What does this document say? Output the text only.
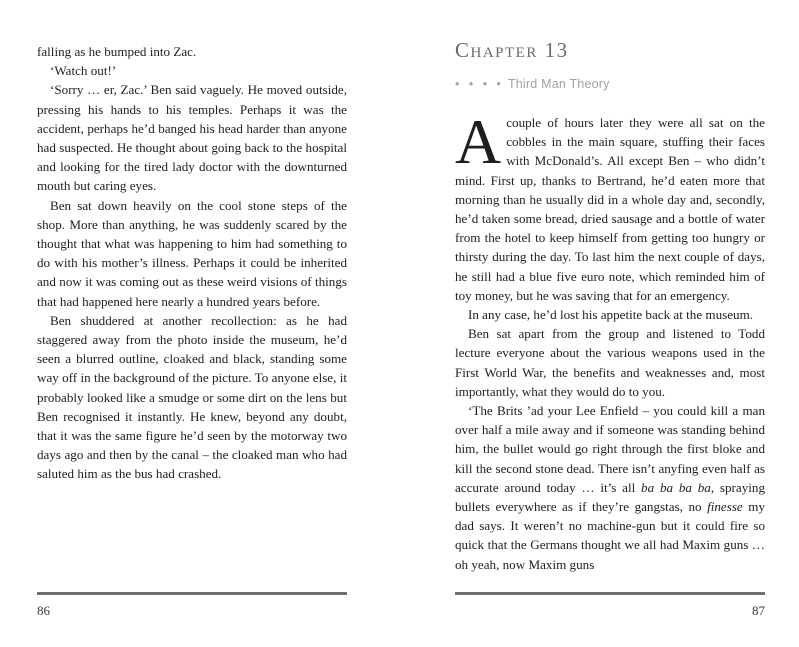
falling as he bumped into Zac.

‘Watch out!’

‘Sorry … er, Zac.’ Ben said vaguely. He moved outside, pressing his hands to his temples. Perhaps it was the accident, perhaps he’d banged his head harder than anyone had suspected. He thought about going back to the hospital and looking for the tired lady doctor with the downturned mouth but caring eyes.

Ben sat down heavily on the cool stone steps of the shop. More than anything, he was suddenly scared by the thought that what was happening to him had something to do with his mother’s illness. Perhaps it could be inherited and now it was coming out as these weird visions of things that had happened here nearly a hundred years before.

Ben shuddered at another recollection: as he had staggered away from the photo inside the museum, he’d seen a blurred outline, cloaked and black, standing some way off in the background of the picture. To anyone else, it probably looked like a smudge or some dirt on the lens but Ben recognised it instantly. He knew, beyond any doubt, that it was the same figure he’d seen by the motorway two days ago and then by the canal – the cloaked man who had saluted him as the bus had crashed.

86
Chapter 13
• • • • Third Man Theory

Acouple of hours later they were all sat on the cobbles in the main square, stuffing their faces with McDonald’s. All except Ben – who didn’t mind. First up, thanks to Bertrand, he’d eaten more that morning than he usually did in a whole day and, secondly, he’d taken some bread, dried sausage and a bottle of water from the hotel to keep himself from getting too hungry or thirsty during the day. To last him the next couple of days, he still had a blue five euro note, which reminded him of toy money, but he was saving that for an emergency.

In any case, he’d lost his appetite back at the museum.

Ben sat apart from the group and listened to Todd lecture everyone about the various weapons used in the First World War, the benefits and weaknesses and, most importantly, what they would do to you.

‘The Brits ’ad your Lee Enfield – you could kill a man over half a mile away and if someone was standing behind him, the bullet would go right through the first bloke and kill the second stone dead. There isn’t anyfing even half as accurate around today … it’s all ba ba ba ba, spraying bullets everywhere as if they’re gangstas, no finesse my dad says. It weren’t no machine-gun but it could fire so quick that the Germans thought we all had Maxim guns … oh yeah, now Maxim guns

87
